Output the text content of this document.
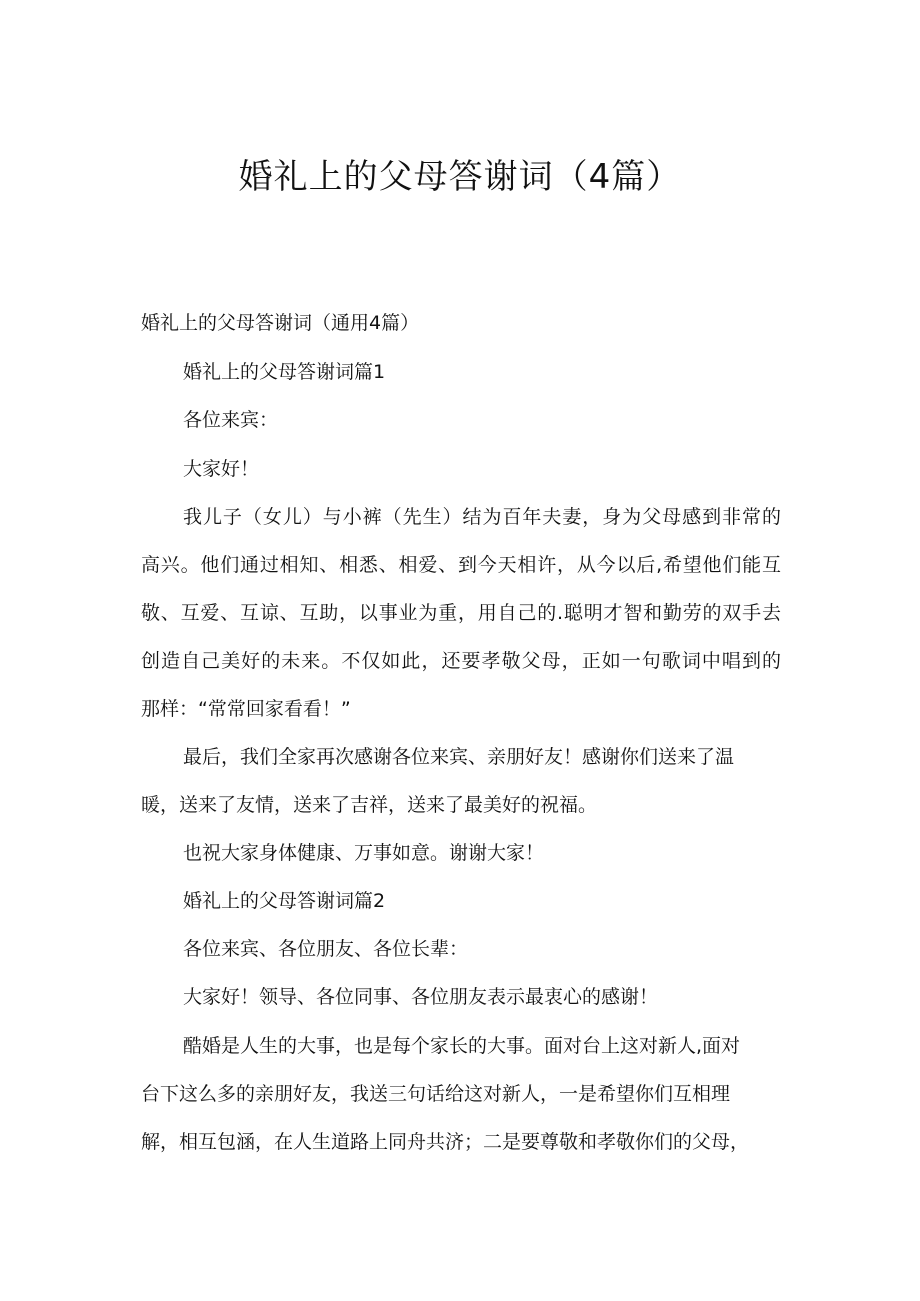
婚礼上的父母答谢词（4篇）

婚礼上的父母答谢词（通用4篇）

婚礼上的父母答谢词篇1

各位来宾：

大家好！

我儿子（女儿）与小裤（先生）结为百年夫妻，身为父母感到非常的

高兴。他们通过相知、相悉、相爱、到今天相许，从今以后,希望他们能互

敬、互爱、互谅、互助，以事业为重，用自己的.聪明才智和勤劳的双手去

创造自己美好的未来。不仅如此，还要孝敬父母，正如一句歌词中唱到的

那样：“常常回家看看！”

最后，我们全家再次感谢各位来宾、亲朋好友！感谢你们送来了温

暖，送来了友情，送来了吉祥，送来了最美好的祝福。

也祝大家身体健康、万事如意。谢谢大家！

婚礼上的父母答谢词篇2

各位来宾、各位朋友、各位长辈：

大家好！领导、各位同事、各位朋友表示最衷心的感谢！

酷婚是人生的大事，也是每个家长的大事。面对台上这对新人,面对

台下这么多的亲朋好友，我送三句话给这对新人，一是希望你们互相理

解，相互包涵，在人生道路上同舟共济；二是要尊敬和孝敬你们的父母，
